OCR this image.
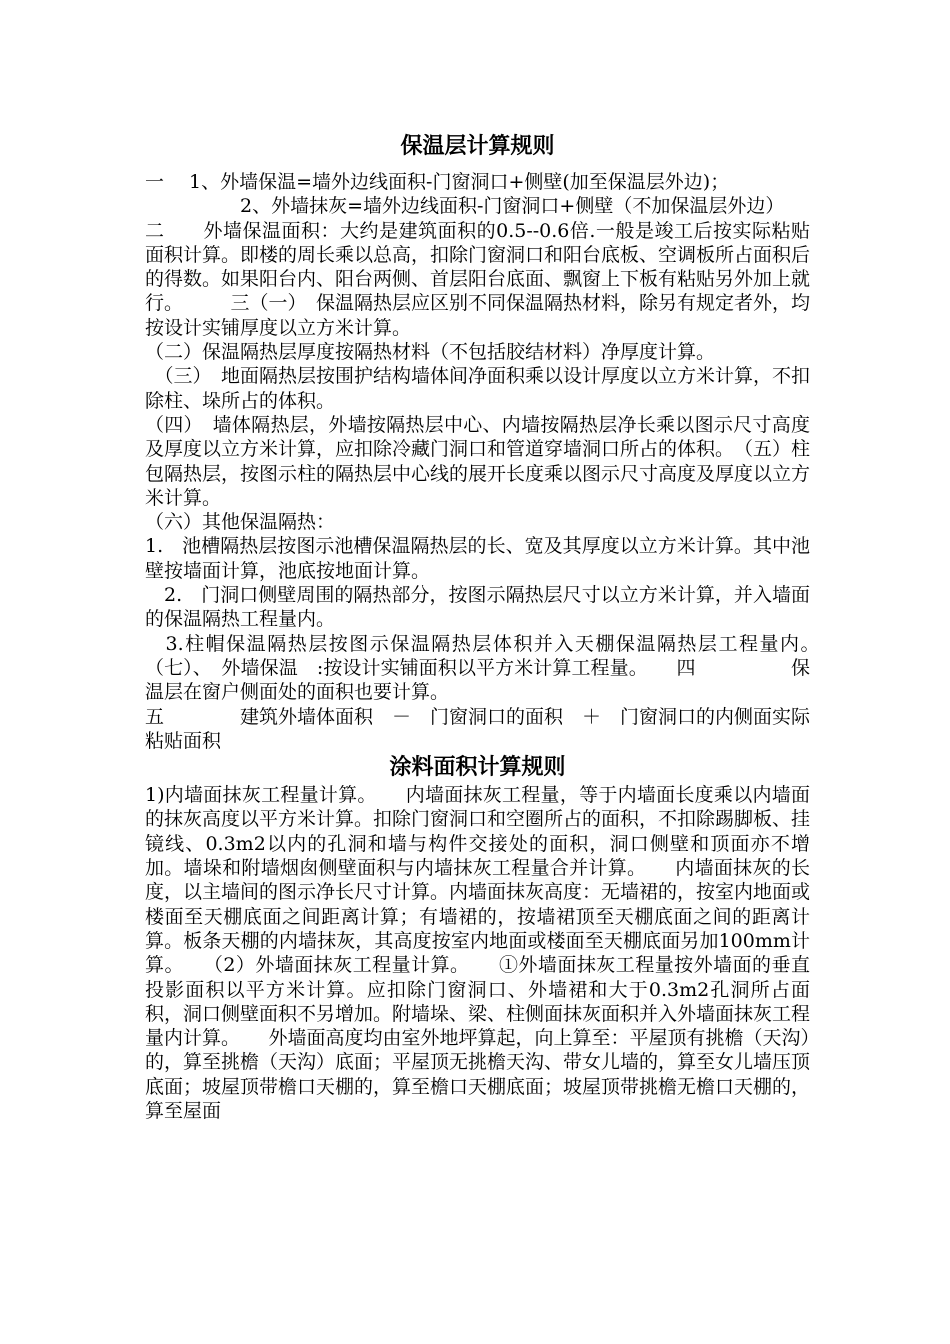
保温层计算规则

一　 1、外墙保温=墙外边线面积-门窗洞口+侧壁(加至保温层外边)；

　　　　　2、外墙抹灰=墙外边线面积-门窗洞口+侧壁（不加保温层外边）

二　　外墙保温面积：大约是建筑面积的0.5--0.6倍.一般是竣工后按实际粘贴面积计算。即楼的周长乘以总高，扣除门窗洞口和阳台底板、空调板所占面积后的得数。如果阳台内、阳台两侧、首层阳台底面、飘窗上下板有粘贴另外加上就行。　　　三（一）　保温隔热层应区别不同保温隔热材料，除另有规定者外，均按设计实铺厚度以立方米计算。

（二）保温隔热层厚度按隔热材料（不包括胶结材料）净厚度计算。

　（三）　地面隔热层按围护结构墙体间净面积乘以设计厚度以立方米计算，不扣除柱、垛所占的体积。

（四）　墙体隔热层，外墙按隔热层中心、内墙按隔热层净长乘以图示尺寸高度及厚度以立方米计算，应扣除冷藏门洞口和管道穿墙洞口所占的体积。　（五）柱包隔热层，按图示柱的隔热层中心线的展开长度乘以图示尺寸高度及厚度以立方米计算。

（六）其他保温隔热：

1.　池槽隔热层按图示池槽保温隔热层的长、宽及其厚度以立方米计算。其中池壁按墙面计算，池底按地面计算。

　2.　门洞口侧壁周围的隔热部分，按图示隔热层尺寸以立方米计算，并入墙面的保温隔热工程量内。

　3.柱帽保温隔热层按图示保温隔热层体积并入天棚保温隔热层工程量内。　　（七）、　外墙保温　:按设计实铺面积以平方米计算工程量。　　四　　　　　保温层在窗户侧面处的面积也要计算。

五　　　　建筑外墙体面积　－　门窗洞口的面积　＋　门窗洞口的内侧面实际粘贴面积

涂料面积计算规则

1)内墙面抹灰工程量计算。　　内墙面抹灰工程量，等于内墙面长度乘以内墙面的抹灰高度以平方米计算。扣除门窗洞口和空圈所占的面积，不扣除踢脚板、挂镜线、0.3m2以内的孔洞和墙与构件交接处的面积，洞口侧壁和顶面亦不增加。墙垛和附墙烟囱侧壁面积与内墙抹灰工程量合并计算。　　内墙面抹灰的长度，以主墙间的图示净长尺寸计算。内墙面抹灰高度：无墙裙的，按室内地面或楼面至天棚底面之间距离计算；有墙裙的，按墙裙顶至天棚底面之间的距离计算。板条天棚的内墙抹灰，其高度按室内地面或楼面至天棚底面另加100mm计算。　　（2）外墙面抹灰工程量计算。　　①外墙面抹灰工程量按外墙面的垂直投影面积以平方米计算。应扣除门窗洞口、外墙裙和大于0.3m2孔洞所占面积，洞口侧壁面积不另增加。附墙垛、梁、柱侧面抹灰面积并入外墙面抹灰工程量内计算。　　外墙面高度均由室外地坪算起，向上算至：平屋顶有挑檐（天沟）的，算至挑檐（天沟）底面；平屋顶无挑檐天沟、带女儿墙的，算至女儿墙压顶底面；坡屋顶带檐口天棚的，算至檐口天棚底面；坡屋顶带挑檐无檐口天棚的，算至屋面
